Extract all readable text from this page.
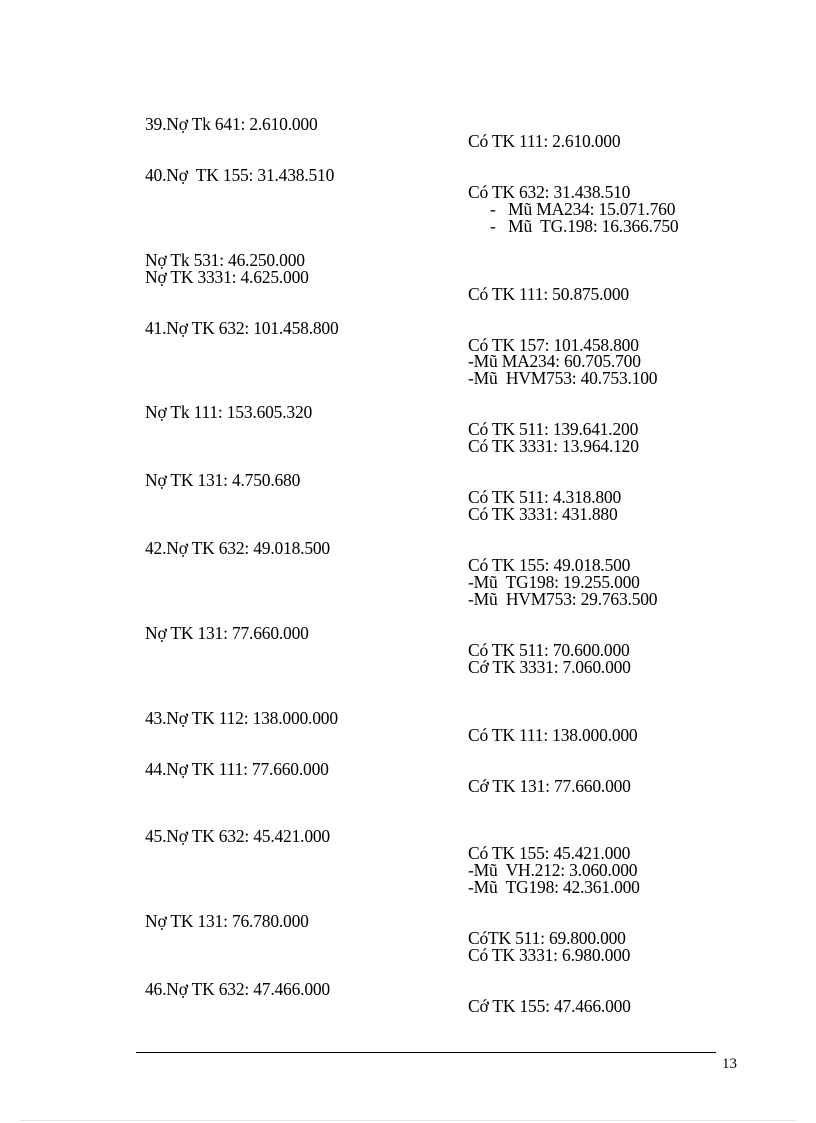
39.Nợ Tk 641: 2.610.000
Có TK 111: 2.610.000
40.Nợ  TK 155: 31.438.510
Có TK 632: 31.438.510
-   Mũ MA234: 15.071.760
-   Mũ  TG.198: 16.366.750
Nợ Tk 531: 46.250.000
Nợ TK 3331: 4.625.000
Có TK 111: 50.875.000
41.Nợ TK 632: 101.458.800
Có TK 157: 101.458.800
-Mũ MA234: 60.705.700
-Mũ  HVM753: 40.753.100
Nợ Tk 111: 153.605.320
Có TK 511: 139.641.200
Có TK 3331: 13.964.120
Nợ TK 131: 4.750.680
Có TK 511: 4.318.800
Có TK 3331: 431.880
42.Nợ TK 632: 49.018.500
Có TK 155: 49.018.500
-Mũ  TG198: 19.255.000
-Mũ  HVM753: 29.763.500
Nợ TK 131: 77.660.000
Có TK 511: 70.600.000
Cớ TK 3331: 7.060.000
43.Nợ TK 112: 138.000.000
Có TK 111: 138.000.000
44.Nợ TK 111: 77.660.000
Cớ TK 131: 77.660.000
45.Nợ TK 632: 45.421.000
Có TK 155: 45.421.000
-Mũ  VH.212: 3.060.000
-Mũ  TG198: 42.361.000
Nợ TK 131: 76.780.000
CóTK 511: 69.800.000
Có TK 3331: 6.980.000
46.Nợ TK 632: 47.466.000
Cớ TK 155: 47.466.000
13
